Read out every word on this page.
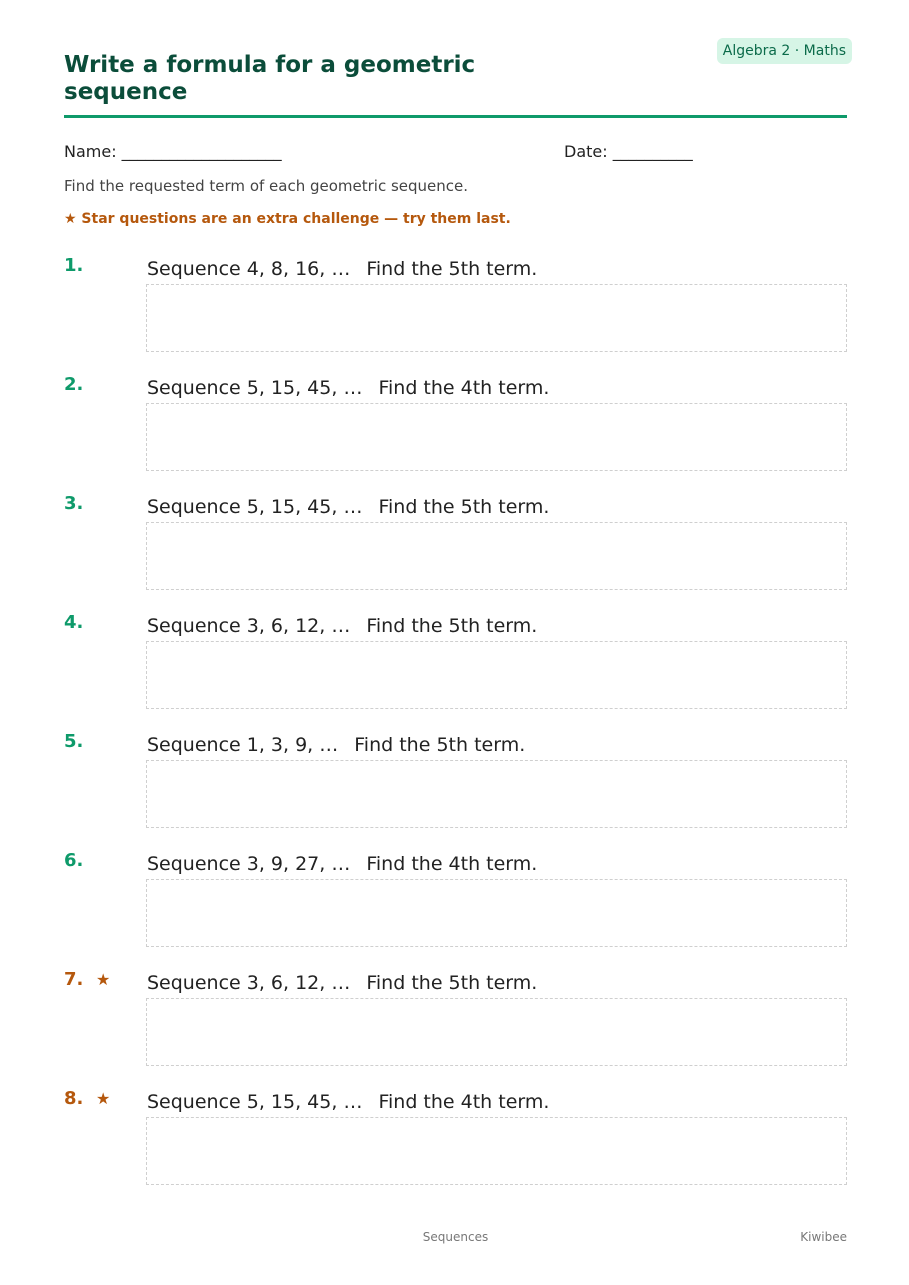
Algebra 2 · Maths
Write a formula for a geometric sequence
Name: ____________________	Date: __________
Find the requested term of each geometric sequence.
★ Star questions are an extra challenge — try them last.
1.	Sequence 4, 8, 16, … Find the 5th term.
2.	Sequence 5, 15, 45, … Find the 4th term.
3.	Sequence 5, 15, 45, … Find the 5th term.
4.	Sequence 3, 6, 12, … Find the 5th term.
5.	Sequence 1, 3, 9, … Find the 5th term.
6.	Sequence 3, 9, 27, … Find the 4th term.
7. ★ Sequence 3, 6, 12, … Find the 5th term.
8. ★ Sequence 5, 15, 45, … Find the 4th term.
Sequences	Kiwibee
